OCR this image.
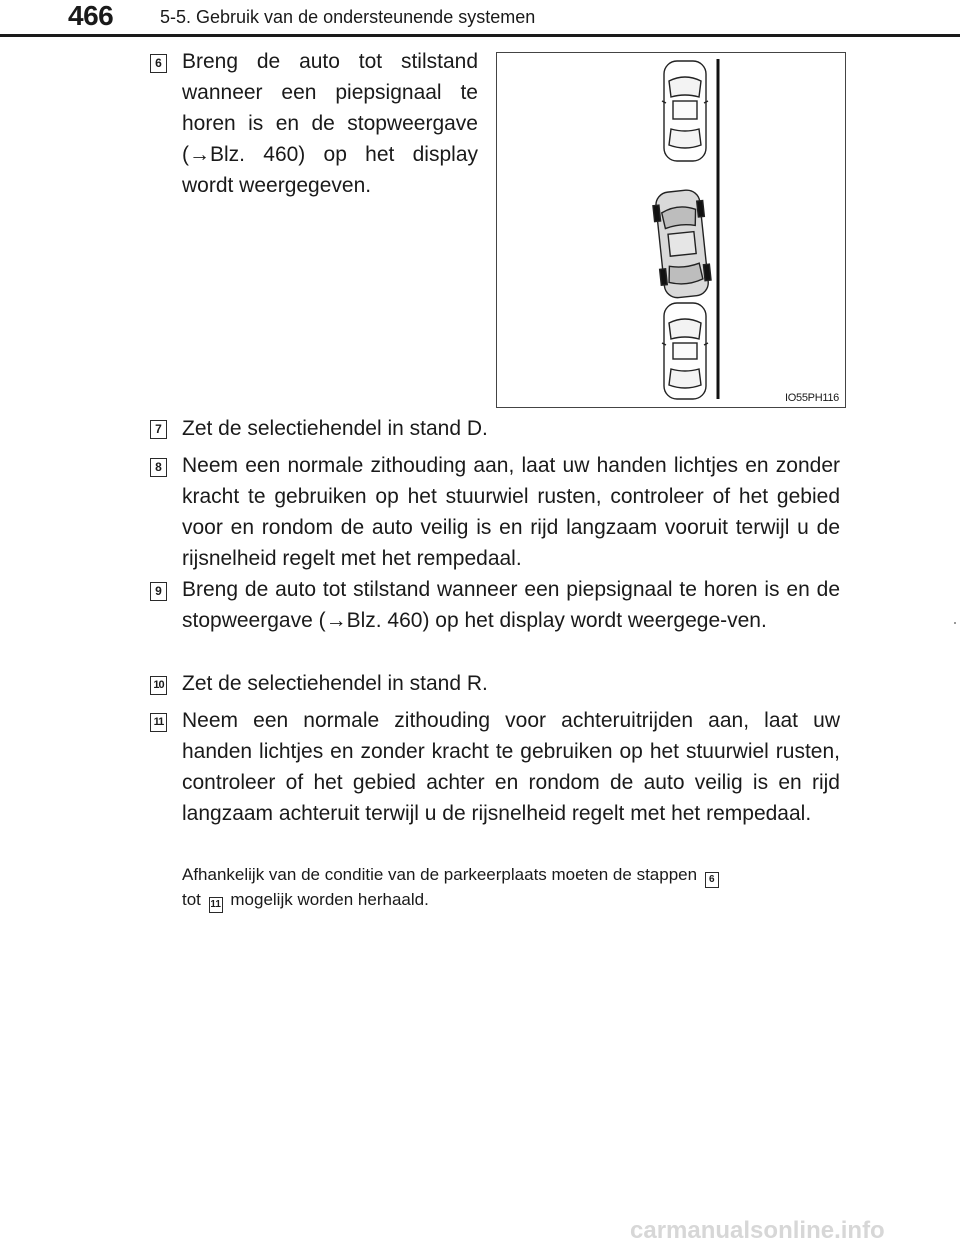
466	5-5. Gebruik van de ondersteunende systemen
6 Breng de auto tot stilstand wanneer een piepsignaal te horen is en de stopweergave (→Blz. 460) op het display wordt weergegeven.
IO55PH116
7 Zet de selectiehendel in stand D.
8 Neem een normale zithouding aan, laat uw handen lichtjes en zonder kracht te gebruiken op het stuurwiel rusten, controleer of het gebied voor en rondom de auto veilig is en rijd langzaam vooruit terwijl u de rijsnelheid regelt met het rempedaal.
9 Breng de auto tot stilstand wanneer een piepsignaal te horen is en de stopweergave (→Blz. 460) op het display wordt weergege-ven.
10 Zet de selectiehendel in stand R.
11 Neem een normale zithouding voor achteruitrijden aan, laat uw handen lichtjes en zonder kracht te gebruiken op het stuurwiel rusten, controleer of het gebied achter en rondom de auto veilig is en rijd langzaam achteruit terwijl u de rijsnelheid regelt met het rempedaal.
Afhankelijk van de conditie van de parkeerplaats moeten de stappen 6
tot 11 mogelijk worden herhaald.
carmanualsonline.info
